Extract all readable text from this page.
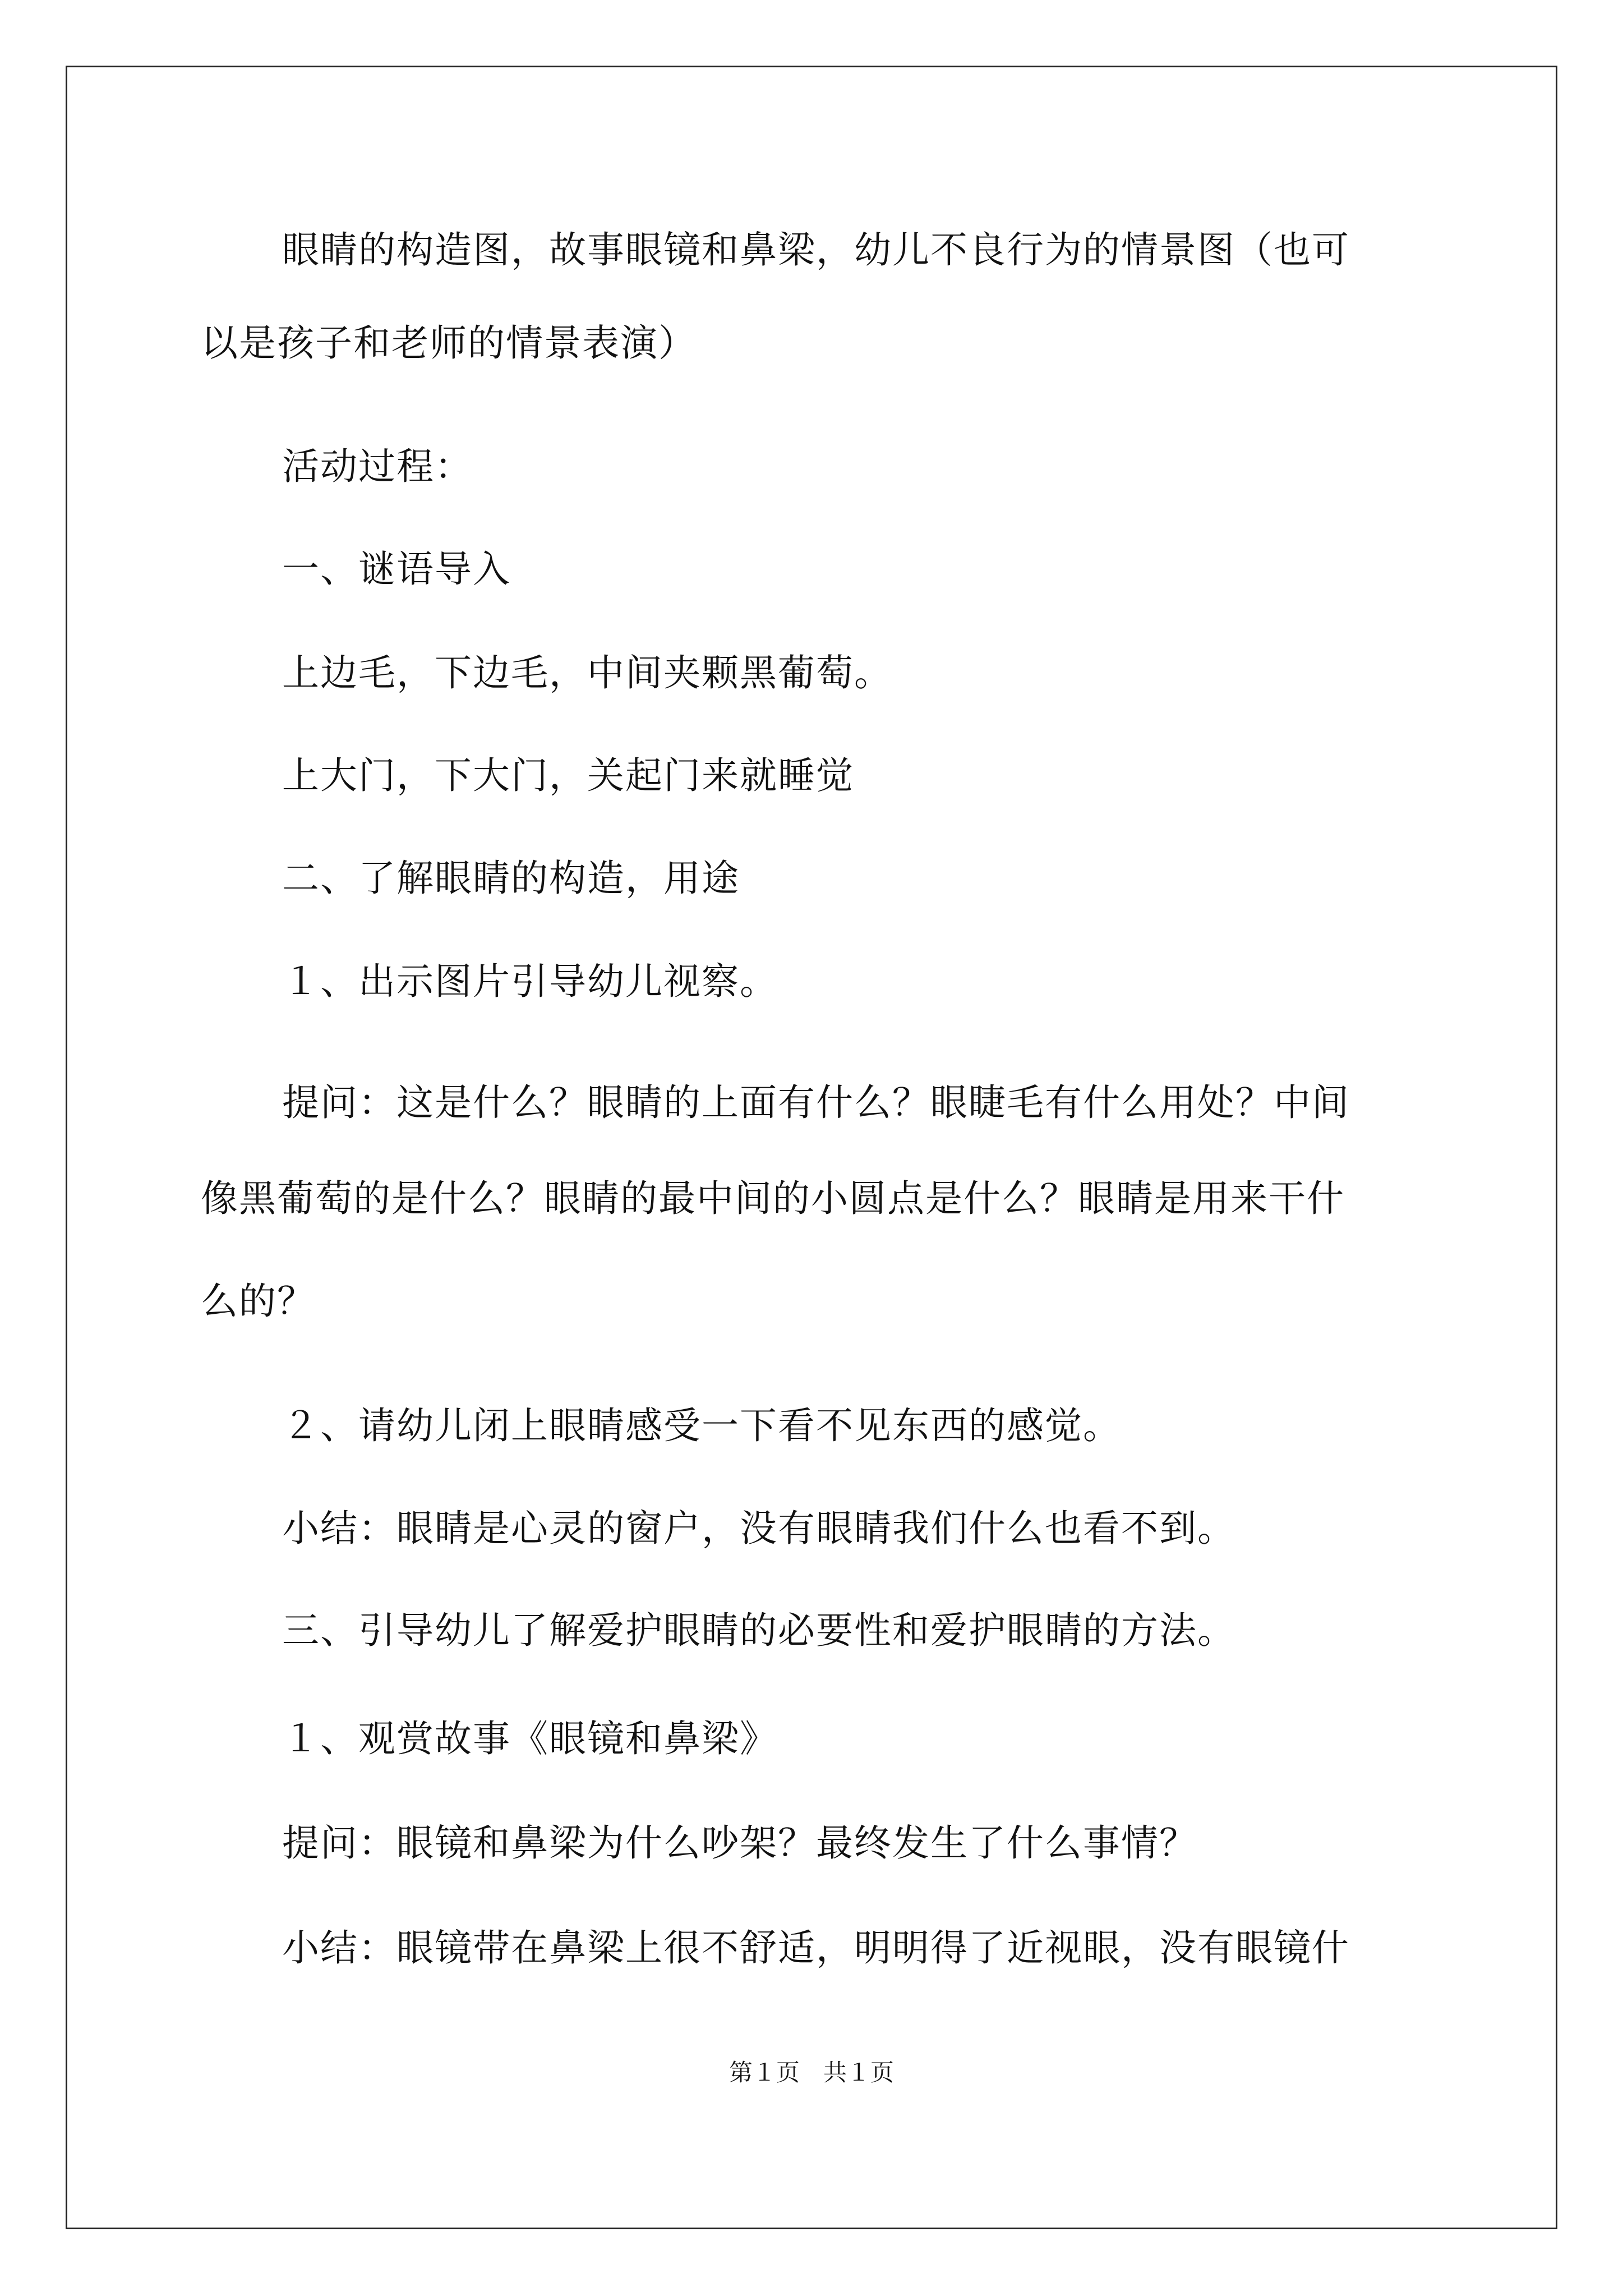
眼睛的构造图，故事眼镜和鼻梁，幼儿不良行为的情景图（也可
以是孩子和老师的情景表演）
活动过程：
一、谜语导入
上边毛，下边毛，中间夹颗黑葡萄。
上大门，下大门，关起门来就睡觉
二、了解眼睛的构造，用途
１、出示图片引导幼儿视察。
提问：这是什么？眼睛的上面有什么？眼睫毛有什么用处？中间
像黑葡萄的是什么？眼睛的最中间的小圆点是什么？眼睛是用来干什
么的？
２、请幼儿闭上眼睛感受一下看不见东西的感觉。
小结：眼睛是心灵的窗户，没有眼睛我们什么也看不到。
三、引导幼儿了解爱护眼睛的必要性和爱护眼睛的方法。
１、观赏故事《眼镜和鼻梁》
提问：眼镜和鼻梁为什么吵架？最终发生了什么事情？
小结：眼镜带在鼻梁上很不舒适，明明得了近视眼，没有眼镜什
第１页　共１页
